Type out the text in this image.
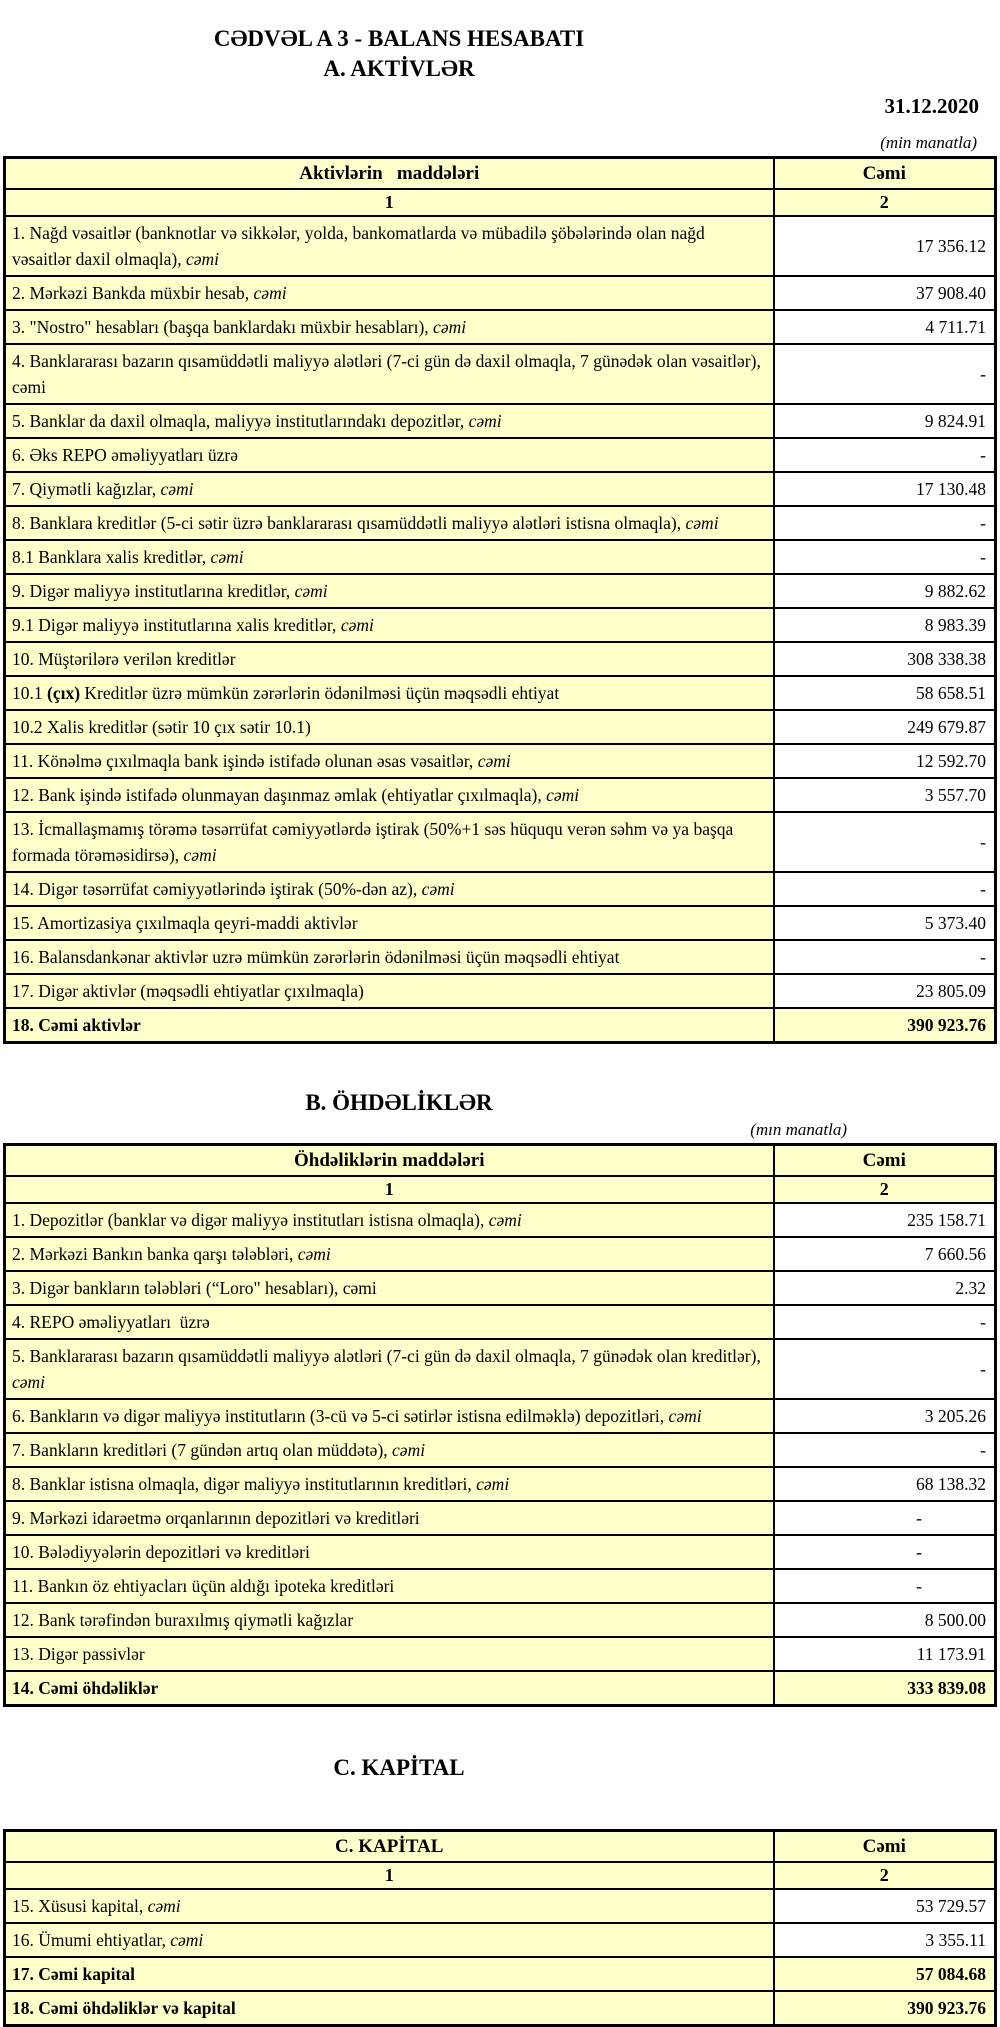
CƏDVƏL A 3 - BALANS HESABATI
A. AKTİVLƏR
31.12.2020
(min manatla)
Aktivlərin   maddələri	Cəmi
1	2
1. Nağd vəsaitlər (banknotlar və sikkələr, yolda, bankomatlarda və mübadilə şöbələrində olan nağd vəsaitlər daxil olmaqla), cəmi	17 356.12
2. Mərkəzi Bankda müxbir hesab, cəmi	37 908.40
3. "Nostro" hesabları (başqa banklardakı müxbir hesabları), cəmi	4 711.71
4. Banklararası bazarın qısamüddətli maliyyə alətləri (7-ci gün də daxil olmaqla, 7 günədək olan vəsaitlər), cəmi	-
5. Banklar da daxil olmaqla, maliyyə institutlarındakı depozitlər, cəmi	9 824.91
6. Əks REPO əməliyyatları üzrə	-
7. Qiymətli kağızlar, cəmi	17 130.48
8. Banklara kreditlər (5-ci sətir üzrə banklararası qısamüddətli maliyyə alətləri istisna olmaqla), cəmi	-
8.1 Banklara xalis kreditlər, cəmi	-
9. Digər maliyyə institutlarına kreditlər, cəmi	9 882.62
9.1 Digər maliyyə institutlarına xalis kreditlər, cəmi	8 983.39
10. Müştərilərə verilən kreditlər	308 338.38
10.1 (çıx) Kreditlər üzrə mümkün zərərlərin ödənilməsi üçün məqsədli ehtiyat	58 658.51
10.2 Xalis kreditlər (sətir 10 çıx sətir 10.1)	249 679.87
11. Könəlmə çıxılmaqla bank işində istifadə olunan əsas vəsaitlər, cəmi	12 592.70
12. Bank işində istifadə olunmayan daşınmaz əmlak (ehtiyatlar çıxılmaqla), cəmi	3 557.70
13. İcmallaşmamış törəmə təsərrüfat cəmiyyətlərdə iştirak (50%+1 səs hüququ verən səhm və ya başqa formada törəməsidirsə), cəmi	-
14. Digər təsərrüfat cəmiyyətlərində iştirak (50%-dən az), cəmi	-
15. Amortizasiya çıxılmaqla qeyri-maddi aktivlər	5 373.40
16. Balansdankənar aktivlər uzrə mümkün zərərlərin ödənilməsi üçün məqsədli ehtiyat	-
17. Digər aktivlər (məqsədli ehtiyatlar çıxılmaqla)	23 805.09
18. Cəmi aktivlər	390 923.76
B. ÖHDƏLİKLƏR
(mın manatla)
Öhdəliklərin maddələri	Cəmi
1	2
1. Depozitlər (banklar və digər maliyyə institutları istisna olmaqla), cəmi	235 158.71
2. Mərkəzi Bankın banka qarşı tələbləri, cəmi	7 660.56
3. Digər bankların tələbləri (“Loro" hesabları), cəmi	2.32
4. REPO əməliyyatları  üzrə	-
5. Banklararası bazarın qısamüddətli maliyyə alətləri (7-ci gün də daxil olmaqla, 7 günədək olan kreditlər), cəmi	-
6. Bankların və digər maliyyə institutların (3-cü və 5-ci sətirlər istisna edilməklə) depozitləri, cəmi	3 205.26
7. Bankların kreditləri (7 gündən artıq olan müddətə), cəmi	-
8. Banklar istisna olmaqla, digər maliyyə institutlarının kreditləri, cəmi	68 138.32
9. Mərkəzi idarəetmə orqanlarının depozitləri və kreditləri	-
10. Bələdiyyələrin depozitləri və kreditləri	-
11. Bankın öz ehtiyacları üçün aldığı ipoteka kreditləri	-
12. Bank tərəfindən buraxılmış qiymətli kağızlar	8 500.00
13. Digər passivlər	11 173.91
14. Cəmi öhdəliklər	333 839.08
C. KAPİTAL
C. KAPİTAL	Cəmi
1	2
15. Xüsusi kapital, cəmi	53 729.57
16. Ümumi ehtiyatlar, cəmi	3 355.11
17. Cəmi kapital	57 084.68
18. Cəmi öhdəliklər və kapital	390 923.76
